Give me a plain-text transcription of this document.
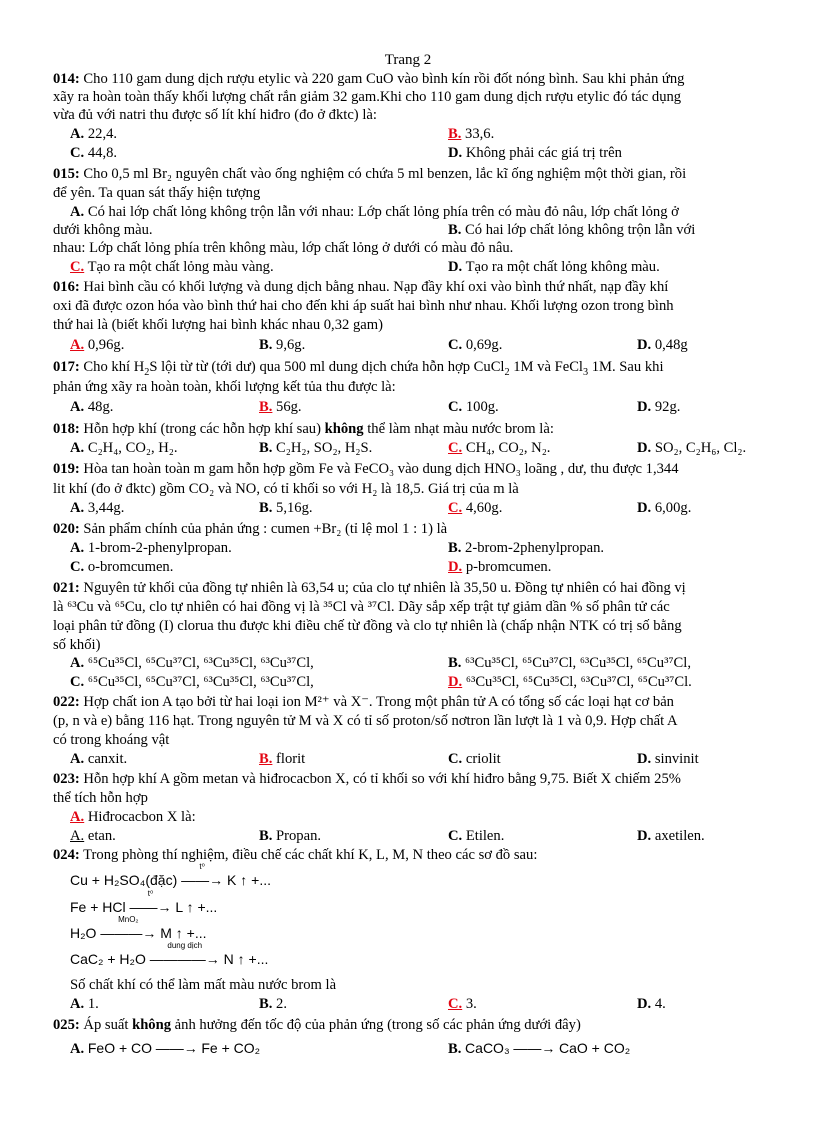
Trang 2
014: Cho 110 gam dung dịch rượu etylic và 220 gam CuO vào bình kín rồi đốt nóng bình. Sau khi phản ứng
xãy ra hoàn toàn thấy khối lượng chất rắn giảm 32 gam.Khi cho 110 gam dung dịch rượu etylic đó tác dụng
vừa đủ với natri thu được số lít khí hiđro (đo ở đktc) là:
A. 22,4.	B. 33,6.
C. 44,8.	D. Không phải các giá trị trên
015: Cho 0,5 ml Br₂ nguyên chất vào ống nghiệm có chứa 5 ml benzen, lắc kĩ ống nghiệm một thời gian, rồi
để yên. Ta quan sát thấy hiện tượng
A. Có hai lớp chất lỏng không trộn lẫn với nhau: Lớp chất lỏng phía trên có màu đỏ nâu, lớp chất lỏng ở
dưới không màu.	B. Có hai lớp chất lỏng không trộn lẫn với
nhau: Lớp chất lỏng phía trên không màu, lớp chất lỏng ở dưới có màu đỏ nâu.
C. Tạo ra một chất lỏng màu vàng.	D. Tạo ra một chất lỏng không màu.
016: Hai bình cầu có khối lượng và dung dịch bằng nhau. Nạp đầy khí oxi vào bình thứ nhất, nạp đầy khí
oxi đã được ozon hóa vào bình thứ hai cho đến khi áp suất hai bình như nhau. Khối lượng ozon trong bình
thứ hai là (biết khối lượng hai bình khác nhau 0,32 gam)
A. 0,96g.	B. 9,6g.	C. 0,69g.	D. 0,48g
017: Cho khí $H_2S$ lội từ từ (tới dư) qua 500 ml dung dịch chứa hỗn hợp CuCl$_2$ 1M và FeCl$_3$ 1M. Sau khi
phản ứng xãy ra hoàn toàn, khối lượng kết tủa thu được là:
A. 48g.	B. 56g.	C. 100g.	D. 92g.
018: Hỗn hợp khí (trong các hỗn hợp khí sau) không thể làm nhạt màu nước brom là:
A. C₂H₄, CO₂, H₂.	B. C₂H₂, SO₂, H₂S.	C. CH₄, CO₂, N₂.	D. SO₂, C₂H₆, Cl₂.
019: Hòa tan hoàn toàn m gam hỗn hợp gồm Fe và FeCO₃ vào dung dịch HNO₃ loãng , dư, thu được 1,344
lit khí (đo ở đktc) gồm CO₂ và NO, có tỉ khối so với H₂ là 18,5. Giá trị của m là
A. 3,44g.	B. 5,16g.	C. 4,60g.	D. 6,00g.
020: Sản phẩm chính của phản ứng : cumen +Br₂ (tỉ lệ mol 1 : 1) là
A. 1-brom-2-phenylpropan.	B. 2-brom-2phenylpropan.
C. o-bromcumen.	D. p-bromcumen.
021: Nguyên tử khối của đồng tự nhiên là 63,54 u; của clo tự nhiên là 35,50 u. Đồng tự nhiên có hai đồng vị
là ⁶³Cu và ⁶⁵Cu, clo tự nhiên có hai đồng vị là ³⁵Cl và ³⁷Cl. Dãy sắp xếp trật tự giảm dần % số phân tử các
loại phân tử đồng (I) clorua thu được khi điều chế từ đồng và clo tự nhiên là (chấp nhận NTK có trị số bằng
số khối)
A. ⁶⁵Cu³⁵Cl, ⁶⁵Cu³⁷Cl, ⁶³Cu³⁵Cl, ⁶³Cu³⁷Cl,	B. ⁶³Cu³⁵Cl, ⁶⁵Cu³⁷Cl, ⁶³Cu³⁵Cl, ⁶⁵Cu³⁷Cl,
C. ⁶⁵Cu³⁵Cl, ⁶⁵Cu³⁷Cl, ⁶³Cu³⁵Cl, ⁶³Cu³⁷Cl,	D. ⁶³Cu³⁵Cl, ⁶⁵Cu³⁵Cl, ⁶³Cu³⁷Cl, ⁶⁵Cu³⁷Cl.
022: Hợp chất ion A tạo bởi từ hai loại ion M²⁺ và X⁻. Trong một phân tử A có tổng số các loại hạt cơ bản
(p, n và e) bằng 116 hạt. Trong nguyên tử M và X có tỉ số proton/số nơtron lần lượt là 1 và 0,9. Hợp chất A
có trong khoáng vật
A. canxit.	B. florit	C. criolit	D. sinvinit
023: Hỗn hợp khí A gồm metan và hiđrocacbon X, có tỉ khối so với khí hiđro bằng 9,75. Biết X chiếm 25%
thể tích hỗn hợp
A. Hiđrocacbon X là:
A. etan.	B. Propan.	C. Etilen.	D. axetilen.
024: Trong phòng thí nghiệm, điều chế các chất khí K, L, M, N theo các sơ đồ sau:
Cu + H₂SO₄(đặc)
t⁰
——→ K ↑ +...
Fe + HCl
t⁰
——→ L ↑ +...
H₂O
MnO₂
———→ M ↑ +...
CaC₂ + H₂O
dung dịch
————→ N ↑ +...
Số chất khí có thể làm mất màu nước brom là
A. 1.	B. 2.	C. 3.	D. 4.
025: Áp suất không ảnh hưởng đến tốc độ của phản ứng (trong số các phản ứng dưới đây)
A. FeO + CO ——→ Fe + CO₂	B. CaCO₃ ——→ CaO + CO₂
